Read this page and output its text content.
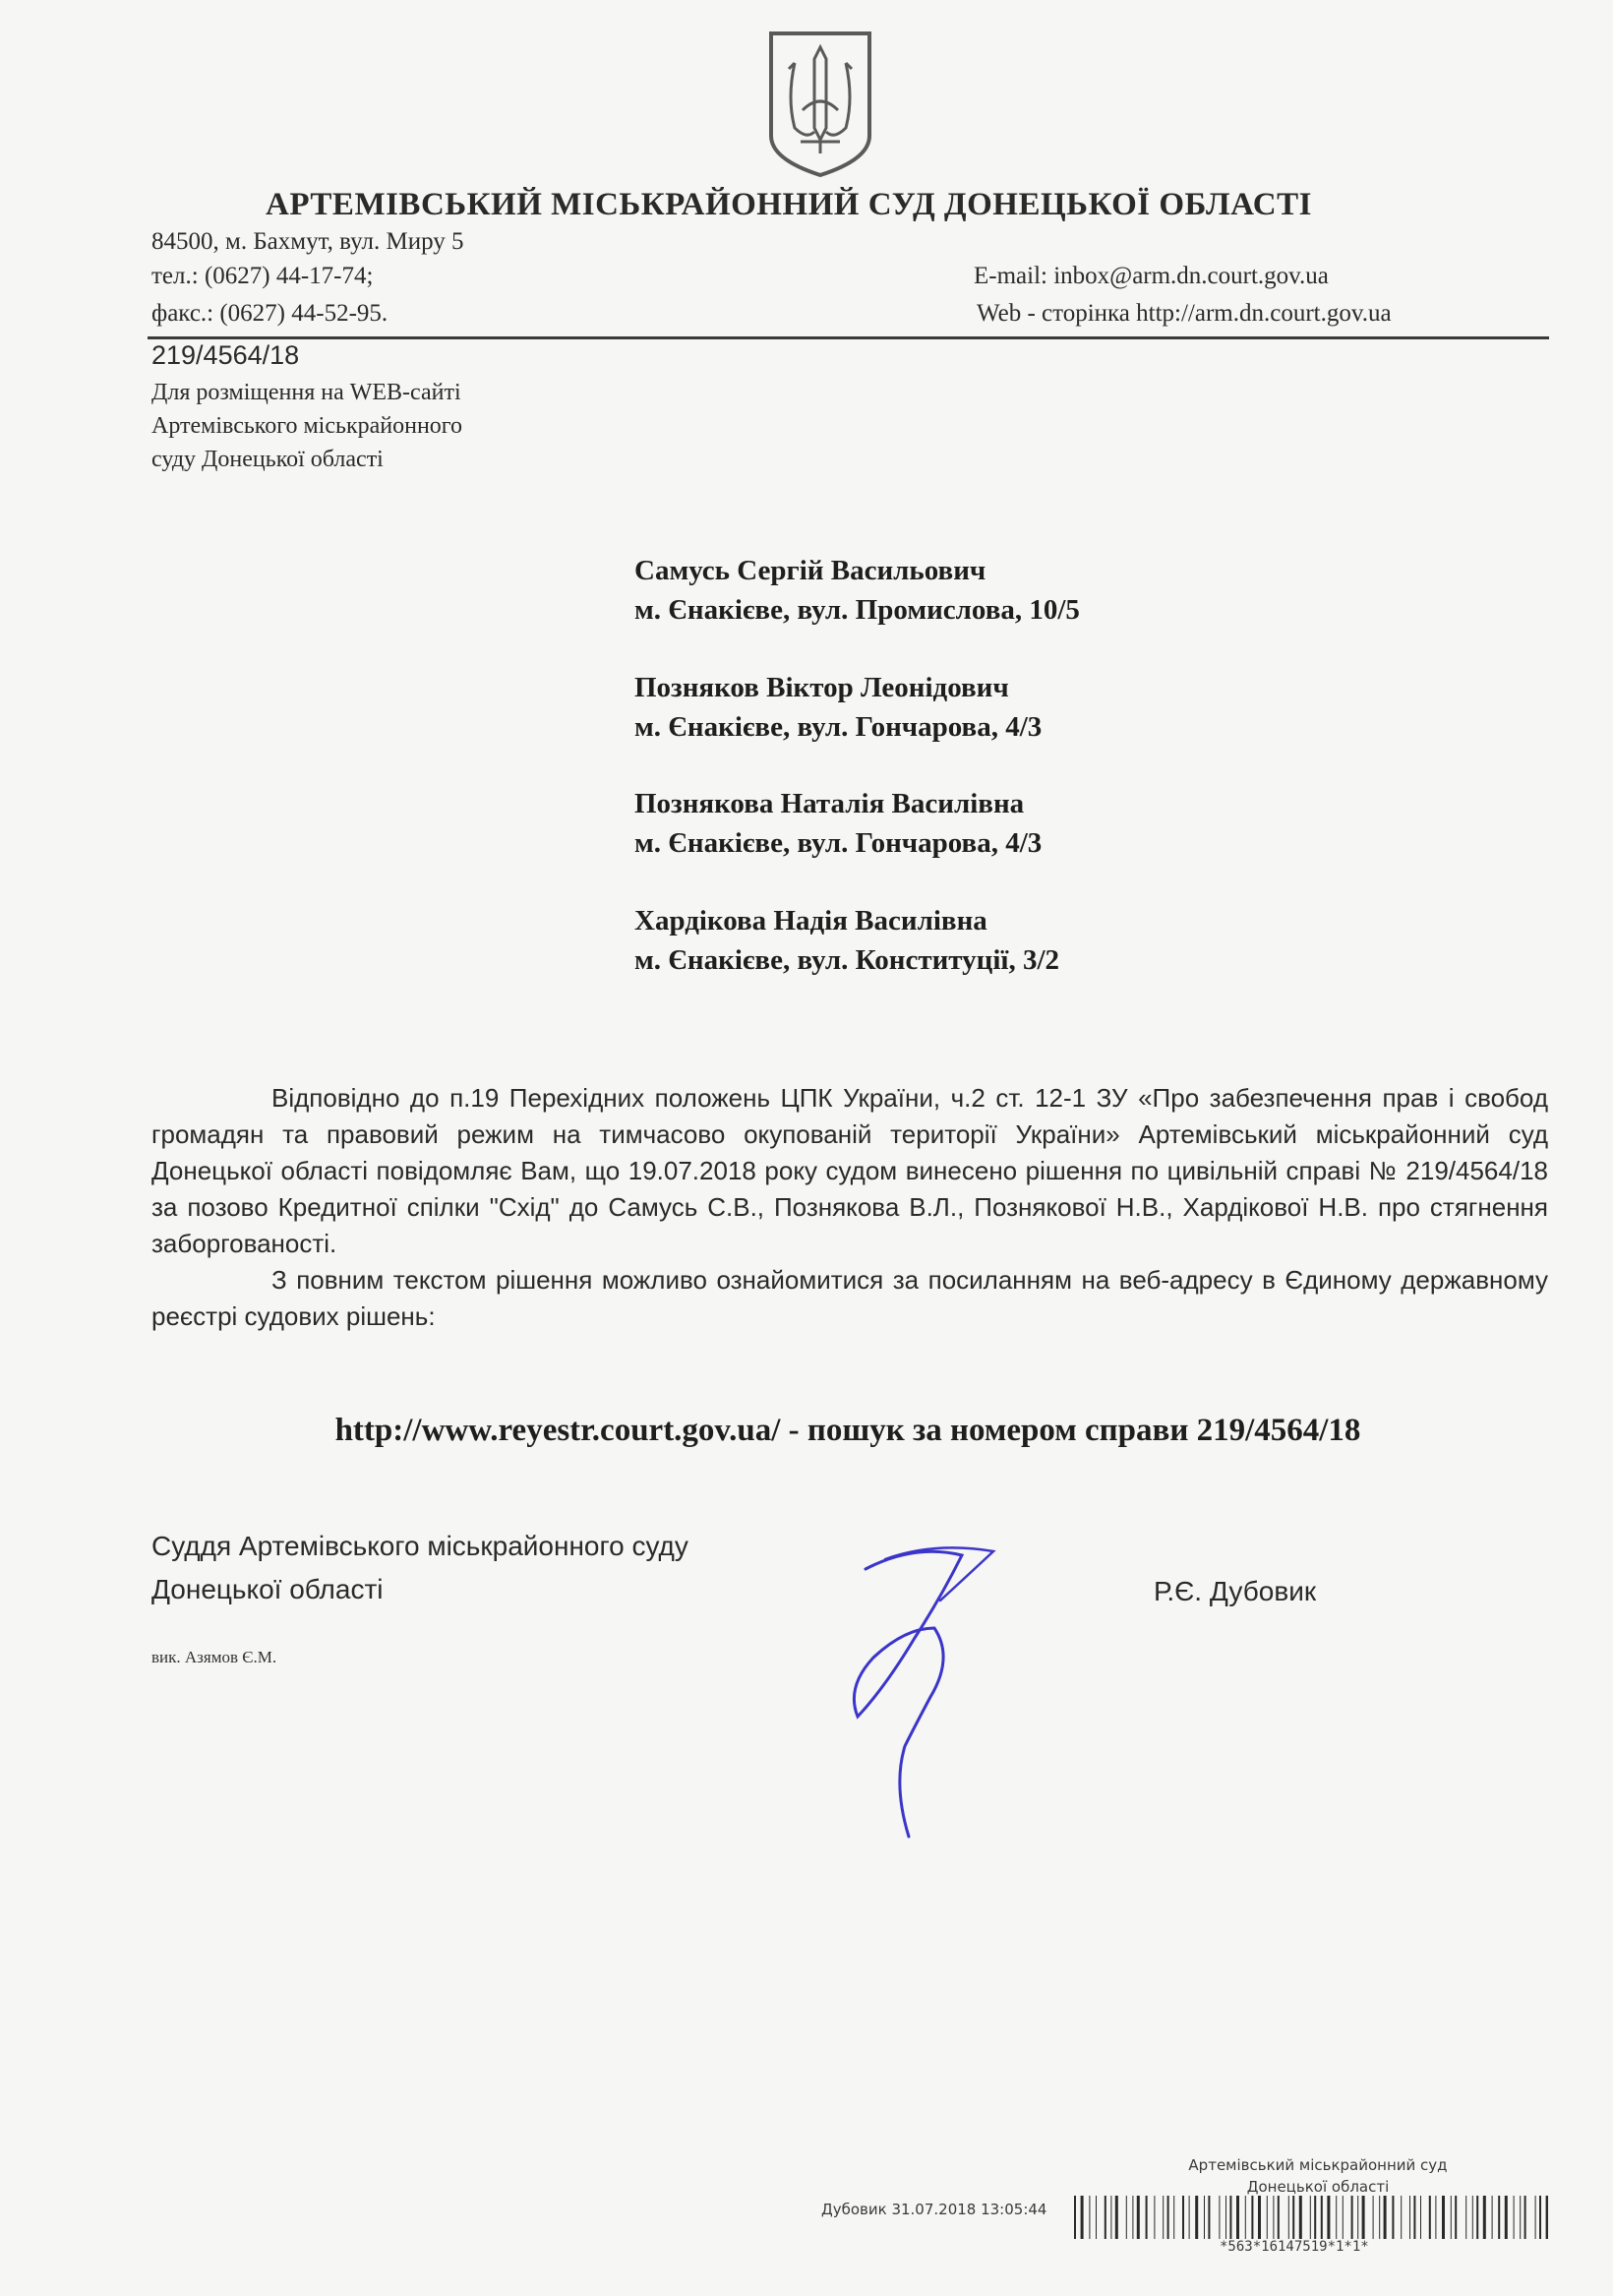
АРТЕМІВСЬКИЙ МІСЬКРАЙОННИЙ СУД ДОНЕЦЬКОЇ ОБЛАСТІ
84500, м. Бахмут, вул. Миру 5
тел.: (0627) 44-17-74;
факс.: (0627) 44-52-95.
E-mail: inbox@arm.dn.court.gov.ua
Web - сторінка http://arm.dn.court.gov.ua
219/4564/18
Для розміщення на WEB-сайті
Артемівського міськрайонного
суду Донецької області
Самусь Сергій Васильович
м. Єнакієве, вул. Промислова, 10/5
Позняков Віктор Леонідович
м. Єнакієве, вул. Гончарова, 4/3
Познякова Наталія Василівна
м. Єнакієве, вул. Гончарова, 4/3
Хардікова Надія Василівна
м. Єнакієве, вул. Конституції, 3/2

Відповідно до п.19 Перехідних положень ЦПК України, ч.2 ст. 12-1 ЗУ «Про забезпечення прав і свобод громадян та правовий режим на тимчасово окупованій території України» Артемівський міськрайонний суд Донецької області повідомляє Вам, що 19.07.2018 року судом винесено рішення по цивільній справі № 219/4564/18 за позово Кредитної спілки "Схід" до Самусь С.В., Познякова В.Л., Познякової Н.В., Хардікової Н.В. про стягнення заборгованості.

З повним текстом рішення можливо ознайомитися за посиланням на веб-адресу в Єдиному державному реєстрі судових рішень:

http://www.reyestr.court.gov.ua/ - пошук за номером справи 219/4564/18
Суддя Артемівського міськрайонного суду
Донецької області	Р.Є. Дубовик
вик. Азямов Є.М.
Артемівський міськрайонний суд
Донецької області
Дубовик 31.07.2018 13:05:44
*563*16147519*1*1*
